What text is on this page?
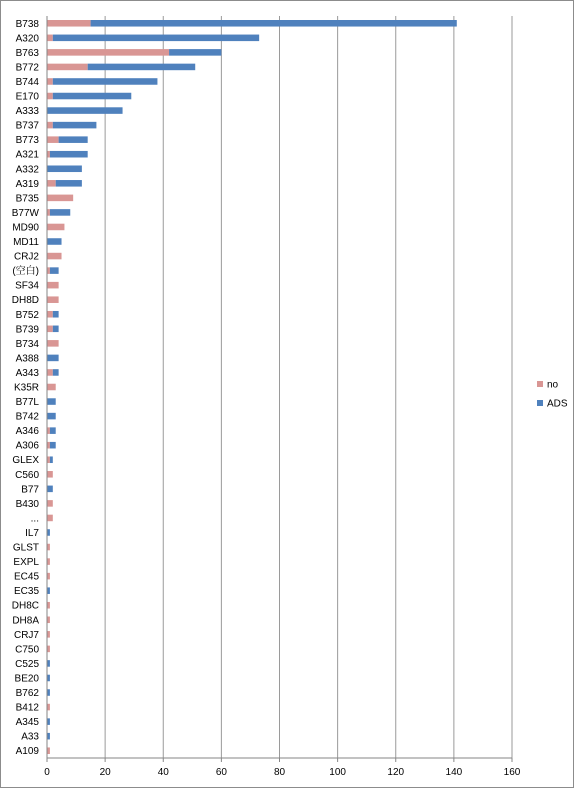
B738
A320
B763
B772
B744
E170
A333
B737
B773
A321
A332
A319
B735
B77W
MD90
MD11
CRJ2
(空白)
SF34
DH8D
B752
B739
B734
A388
A343
K35R
B77L
B742
A346
A306
GLEX
C560
B77
B430
...
IL7
GLST
EXPL
EC45
EC35
DH8C
DH8A
CRJ7
C750
C525
BE20
B762
B412
A345
A33
A109
0	20	40	60	80	100	120	140	160
no
ADS
